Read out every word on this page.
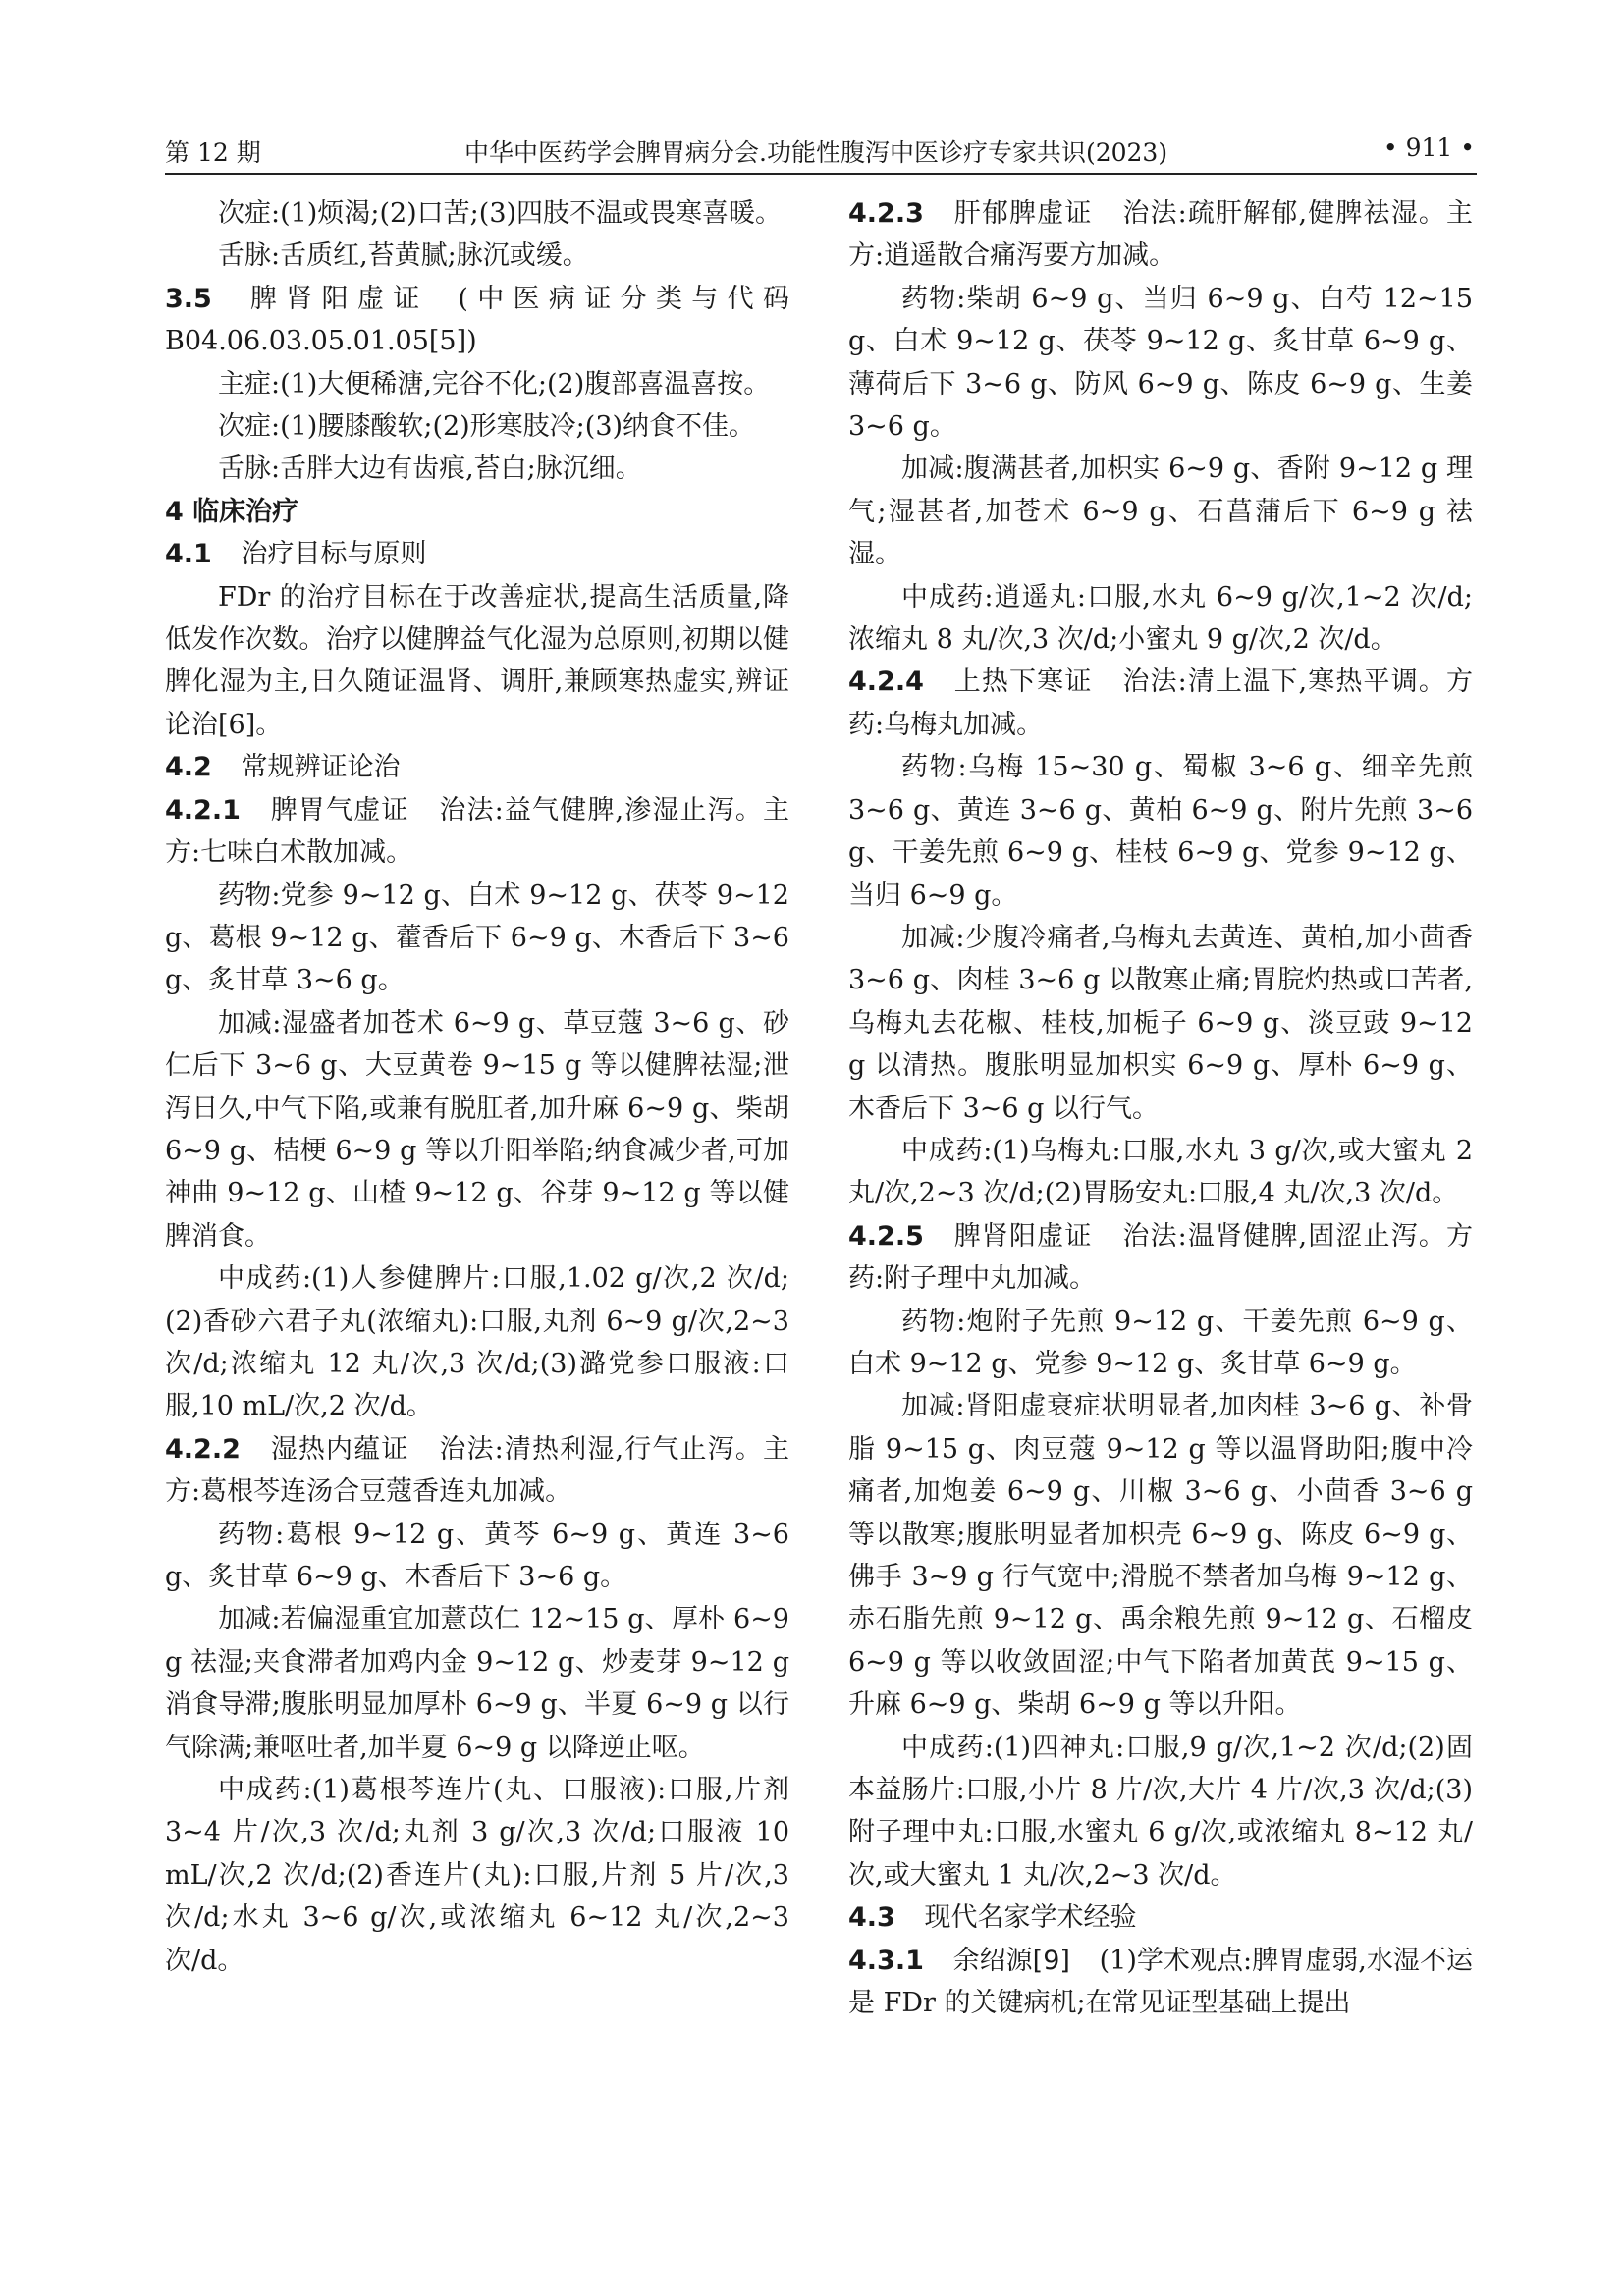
第 12 期	中华中医药学会脾胃病分会.功能性腹泻中医诊疗专家共识(2023)	• 911 •

次症:(1)烦渴;(2)口苦;(3)四肢不温或畏寒喜暖。

舌脉:舌质红,苔黄腻;脉沉或缓。

3.5 脾肾阳虚证 (中医病证分类与代码 B04.06.03.05.01.05[5])

主症:(1)大便稀溏,完谷不化;(2)腹部喜温喜按。

次症:(1)腰膝酸软;(2)形寒肢冷;(3)纳食不佳。

舌脉:舌胖大边有齿痕,苔白;脉沉细。

4 临床治疗

4.1 治疗目标与原则

FDr 的治疗目标在于改善症状,提高生活质量,降低发作次数。治疗以健脾益气化湿为总原则,初期以健脾化湿为主,日久随证温肾、调肝,兼顾寒热虚实,辨证论治[6]。

4.2 常规辨证论治

4.2.1 脾胃气虚证 治法:益气健脾,渗湿止泻。主方:七味白术散加减。

药物:党参 9~12 g、白术 9~12 g、茯苓 9~12 g、葛根 9~12 g、藿香后下 6~9 g、木香后下 3~6 g、炙甘草 3~6 g。

加减:湿盛者加苍术 6~9 g、草豆蔻 3~6 g、砂仁后下 3~6 g、大豆黄卷 9~15 g 等以健脾祛湿;泄泻日久,中气下陷,或兼有脱肛者,加升麻 6~9 g、柴胡 6~9 g、桔梗 6~9 g 等以升阳举陷;纳食减少者,可加神曲 9~12 g、山楂 9~12 g、谷芽 9~12 g 等以健脾消食。

中成药:(1)人参健脾片:口服,1.02 g/次,2 次/d;(2)香砂六君子丸(浓缩丸):口服,丸剂 6~9 g/次,2~3 次/d;浓缩丸 12 丸/次,3 次/d;(3)潞党参口服液:口服,10 mL/次,2 次/d。

4.2.2 湿热内蕴证 治法:清热利湿,行气止泻。主方:葛根芩连汤合豆蔻香连丸加减。

药物:葛根 9~12 g、黄芩 6~9 g、黄连 3~6 g、炙甘草 6~9 g、木香后下 3~6 g。

加减:若偏湿重宜加薏苡仁 12~15 g、厚朴 6~9 g 祛湿;夹食滞者加鸡内金 9~12 g、炒麦芽 9~12 g 消食导滞;腹胀明显加厚朴 6~9 g、半夏 6~9 g 以行气除满;兼呕吐者,加半夏 6~9 g 以降逆止呕。

中成药:(1)葛根芩连片(丸、口服液):口服,片剂 3~4 片/次,3 次/d;丸剂 3 g/次,3 次/d;口服液 10 mL/次,2 次/d;(2)香连片(丸):口服,片剂 5 片/次,3 次/d;水丸 3~6 g/次,或浓缩丸 6~12 丸/次,2~3 次/d。

4.2.3 肝郁脾虚证 治法:疏肝解郁,健脾祛湿。主方:逍遥散合痛泻要方加减。

药物:柴胡 6~9 g、当归 6~9 g、白芍 12~15 g、白术 9~12 g、茯苓 9~12 g、炙甘草 6~9 g、薄荷后下 3~6 g、防风 6~9 g、陈皮 6~9 g、生姜 3~6 g。

加减:腹满甚者,加枳实 6~9 g、香附 9~12 g 理气;湿甚者,加苍术 6~9 g、石菖蒲后下 6~9 g 祛湿。

中成药:逍遥丸:口服,水丸 6~9 g/次,1~2 次/d;浓缩丸 8 丸/次,3 次/d;小蜜丸 9 g/次,2 次/d。

4.2.4 上热下寒证 治法:清上温下,寒热平调。方药:乌梅丸加减。

药物:乌梅 15~30 g、蜀椒 3~6 g、细辛先煎 3~6 g、黄连 3~6 g、黄柏 6~9 g、附片先煎 3~6 g、干姜先煎 6~9 g、桂枝 6~9 g、党参 9~12 g、当归 6~9 g。

加减:少腹冷痛者,乌梅丸去黄连、黄柏,加小茴香 3~6 g、肉桂 3~6 g 以散寒止痛;胃脘灼热或口苦者,乌梅丸去花椒、桂枝,加栀子 6~9 g、淡豆豉 9~12 g 以清热。腹胀明显加枳实 6~9 g、厚朴 6~9 g、木香后下 3~6 g 以行气。

中成药:(1)乌梅丸:口服,水丸 3 g/次,或大蜜丸 2 丸/次,2~3 次/d;(2)胃肠安丸:口服,4 丸/次,3 次/d。

4.2.5 脾肾阳虚证 治法:温肾健脾,固涩止泻。方药:附子理中丸加减。

药物:炮附子先煎 9~12 g、干姜先煎 6~9 g、白术 9~12 g、党参 9~12 g、炙甘草 6~9 g。

加减:肾阳虚衰症状明显者,加肉桂 3~6 g、补骨脂 9~15 g、肉豆蔻 9~12 g 等以温肾助阳;腹中冷痛者,加炮姜 6~9 g、川椒 3~6 g、小茴香 3~6 g 等以散寒;腹胀明显者加枳壳 6~9 g、陈皮 6~9 g、佛手 3~9 g 行气宽中;滑脱不禁者加乌梅 9~12 g、赤石脂先煎 9~12 g、禹余粮先煎 9~12 g、石榴皮 6~9 g 等以收敛固涩;中气下陷者加黄芪 9~15 g、升麻 6~9 g、柴胡 6~9 g 等以升阳。

中成药:(1)四神丸:口服,9 g/次,1~2 次/d;(2)固本益肠片:口服,小片 8 片/次,大片 4 片/次,3 次/d;(3)附子理中丸:口服,水蜜丸 6 g/次,或浓缩丸 8~12 丸/次,或大蜜丸 1 丸/次,2~3 次/d。

4.3 现代名家学术经验

4.3.1 余绍源[9] (1)学术观点:脾胃虚弱,水湿不运是 FDr 的关键病机;在常见证型基础上提出
